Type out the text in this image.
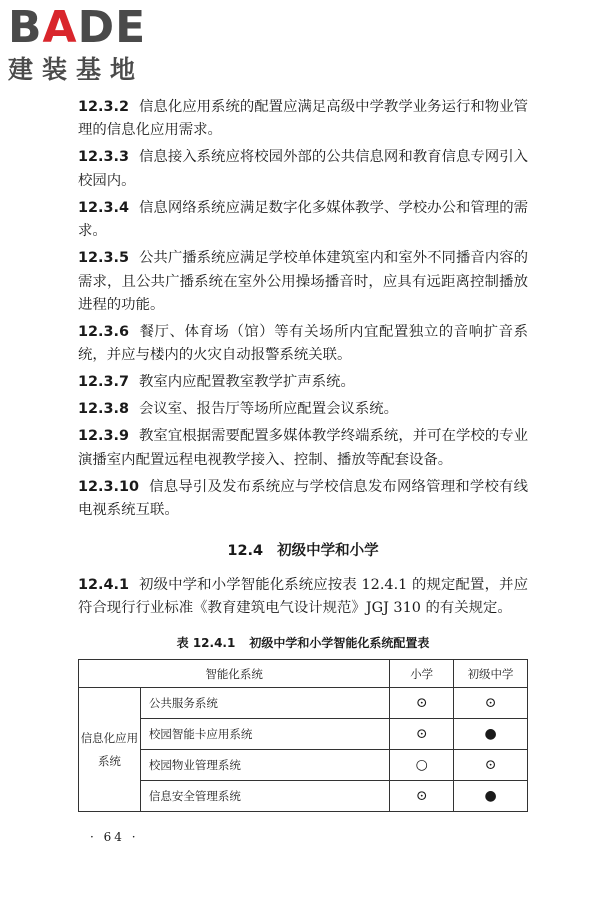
BADE
建装基地

12.3.2 信息化应用系统的配置应满足高级中学教学业务运行和物业管理的信息化应用需求。

12.3.3 信息接入系统应将校园外部的公共信息网和教育信息专网引入校园内。

12.3.4 信息网络系统应满足数字化多媒体教学、学校办公和管理的需求。

12.3.5 公共广播系统应满足学校单体建筑室内和室外不同播音内容的需求，且公共广播系统在室外公用操场播音时，应具有远距离控制播放进程的功能。

12.3.6 餐厅、体育场（馆）等有关场所内宜配置独立的音响扩音系统，并应与楼内的火灾自动报警系统关联。

12.3.7 教室内应配置教室教学扩声系统。

12.3.8 会议室、报告厅等场所应配置会议系统。

12.3.9 教室宜根据需要配置多媒体教学终端系统，并可在学校的专业演播室内配置远程电视教学接入、控制、播放等配套设备。

12.3.10 信息导引及发布系统应与学校信息发布网络管理和学校有线电视系统互联。

12.4 初级中学和小学

12.4.1 初级中学和小学智能化系统应按表 12.4.1 的规定配置，并应符合现行行业标准《教育建筑电气设计规范》JGJ 310 的有关规定。

表 12.4.1 初级中学和小学智能化系统配置表
智能化系统		小学	初级中学
信息化应用系统	公共服务系统	⊙	⊙
	校园智能卡应用系统	⊙	●
	校园物业管理系统	○	⊙
	信息安全管理系统	⊙	●
· 64 ·
